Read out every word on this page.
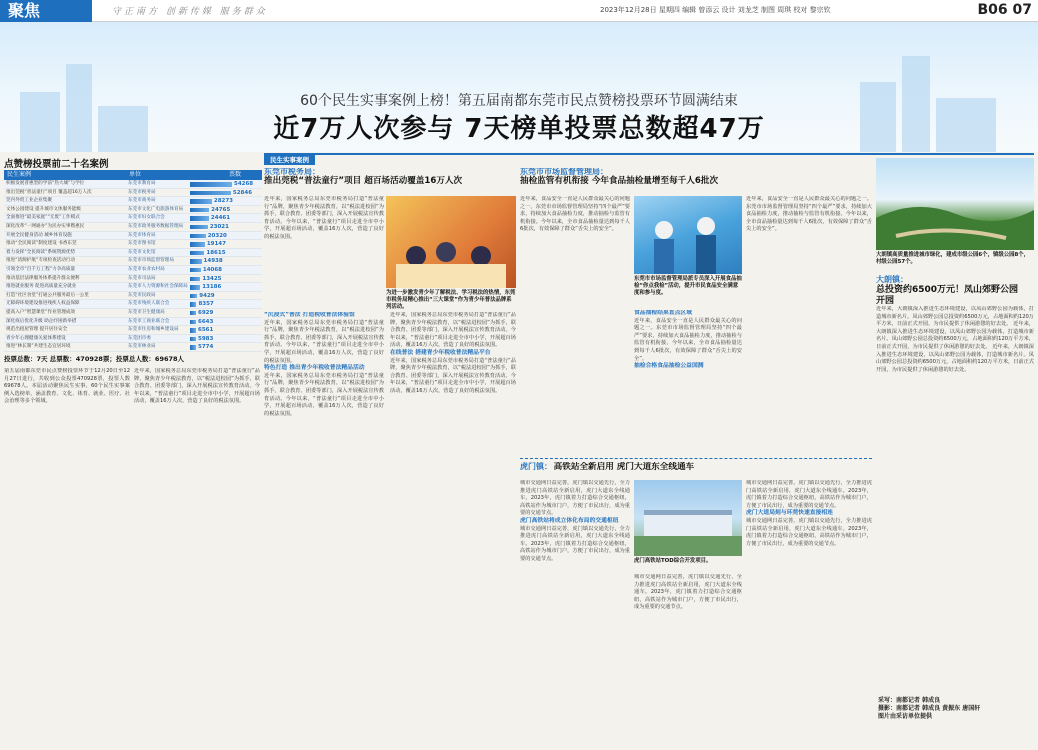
聚焦	守正南方 创新传媒 服务群众	2023年12月28日 星期四 编辑 曾添云 设计 刘龙芝 制图 周琪 校对 黎宗钦	B06 07
60个民生实事案例上榜！第五届南都东莞市民点赞榜投票环节圆满结束
近7万人次参与 7天榜单投票总数超47万
点赞榜投票前二十名案例
民生案例	单位	票数
积极发展普惠型的学前“热大城”与学位	东莞市教育局	54268
推出莞税“普法童行”项目 覆盖超16万人次	东莞市税务局	52846
莞内外贸工业企业集聚	东莞市商务局	28273
文体公园建设 提升城市文体服务能级	东莞市文化广电旅游体育局	24765
全面推进“最美家庭”“无废”工作模式	东莞市妇女联合会	24461
深化改革“一网通办”为民办实事暨惠民	东莞市政务服务数据管理局	23021
开展全民健身活动 城乡体育设施	东莞市体育局	20320
推动“全民阅读”制度建设 书香东莞	东莞市图书馆	19147
着力发挥“全民阅读”系统资源优势	东莞市文化馆	18615
推进“清源护航”专项检查活动行动	东莞市市场监督管理局	14938
引领全市“百千万工程”力争高质量	东莞市农业农村局	14068
推动基层法律服务体系提升群众便利	东莞市司法局	13425
推进就业服务 促进高质量充分就业	东莞市人力资源和社会保障局	13186
打造“社区食堂”打通公共服务最后一公里	东莞市民政局	9429
无障碍环境建设推进残疾人权益保障	东莞市残疾人联合会	8357
提高入户“智慧课堂”作业管理成效	东莞市卫生健康局	6929
深化疫后优化升级 助企纾困新举措	东莞市工商业联合会	6643
规范出租屋管理 提升居住安全	东莞市住房和城乡建设局	6561
青少年心理健康关爱体系建设	东莞团市委	5983
推进“林长制”共建生态宜居环境	东莞市林业局	5774
投票总数：7天 总票数：470928票；投票总人数：69678人
第五届南都东莞市民点赞榜投票环节于12月20日至12月27日进行，共收到公众投票470928票，投票人数69678人。本届活动聚焦民生实事，60个民生实事案例入选榜单，涵盖教育、文化、体育、就业、医疗、社会治理等多个领域。
近年来，国家税务总局东莞市税务局打造“普法童行”品牌，聚焦青少年税法教育，以“税法进校园”为抓手，联合教育、团委等部门，深入开展税法宣传教育活动。今年以来，“普法童行”项目走进全市中小学，开展超百场活动，覆盖16万人次，营造了良好的税法氛围。
民生实事案例
东莞市税务局：
推出莞税“普法童行”项目 超百场活动覆盖16万人次
近年来，国家税务总局东莞市税务局打造“普法童行”品牌，聚焦青少年税法教育，以“税法进校园”为抓手，联合教育、团委等部门，深入开展税法宣传教育活动。今年以来，“普法童行”项目走进全市中小学，开展超百场活动，覆盖16万人次，营造了良好的税法氛围。
为进一步激发青少年了解税法、学习税法的热情，东莞市税务局精心推出“三大课堂”作为青少年普法品牌系列活动。
“沉浸式”普法 打造税收普法体验馆
近年来，国家税务总局东莞市税务局打造“普法童行”品牌，聚焦青少年税法教育，以“税法进校园”为抓手，联合教育、团委等部门，深入开展税法宣传教育活动。今年以来，“普法童行”项目走进全市中小学，开展超百场活动，覆盖16万人次，营造了良好的税法氛围。
特色打造 推出青少年税收普法精品活动
近年来，国家税务总局东莞市税务局打造“普法童行”品牌，聚焦青少年税法教育，以“税法进校园”为抓手，联合教育、团委等部门，深入开展税法宣传教育活动。今年以来，“普法童行”项目走进全市中小学，开展超百场活动，覆盖16万人次，营造了良好的税法氛围。
近年来，国家税务总局东莞市税务局打造“普法童行”品牌，聚焦青少年税法教育，以“税法进校园”为抓手，联合教育、团委等部门，深入开展税法宣传教育活动。今年以来，“普法童行”项目走进全市中小学，开展超百场活动，覆盖16万人次，营造了良好的税法氛围。
在线普法 搭建青少年税收普法精品平台
近年来，国家税务总局东莞市税务局打造“普法童行”品牌，聚焦青少年税法教育，以“税法进校园”为抓手，联合教育、团委等部门，深入开展税法宣传教育活动。今年以来，“普法童行”项目走进全市中小学，开展超百场活动，覆盖16万人次，营造了良好的税法氛围。
东莞市市场监督管理局：
抽检监管有机衔接 今年食品抽检量增至每千人6批次
近年来，食品安全一直是人民群众最关心的问题之一。东莞市市场监督管理局坚持“四个最严”要求，持续加大食品抽检力度，推动抽检与监管有机衔接。今年以来，全市食品抽检量达到每千人6批次，有效保障了群众“舌尖上的安全”。
东莞市市场监督管理局派专员深入开展食品抽检“你点我检”活动，提升市民食品安全满意度和参与度。
近年来，食品安全一直是人民群众最关心的问题之一。东莞市市场监督管理局坚持“四个最严”要求，持续加大食品抽检力度，推动抽检与监管有机衔接。今年以来，全市食品抽检量达到每千人6批次，有效保障了群众“舌尖上的安全”。
食品抽检结果直点区域
近年来，食品安全一直是人民群众最关心的问题之一。东莞市市场监督管理局坚持“四个最严”要求，持续加大食品抽检力度，推动抽检与监管有机衔接。今年以来，全市食品抽检量达到每千人6批次，有效保障了群众“舌尖上的安全”。
抽检合格食品抽检公益国测
虎门镇： 高铁站全新启用 虎门大道东全线通车
城市交通网日益完善，虎门镇以交通先行，全力推进虎门高铁站全新启用，虎门大道东全线通车。2023年，虎门镇着力打造综合交通枢纽，高铁站作为城市门户，方便了市民出行，成为重要的交通节点。
虎门高铁站将成立体化布局的交通枢纽
城市交通网日益完善，虎门镇以交通先行，全力推进虎门高铁站全新启用，虎门大道东全线通车。2023年，虎门镇着力打造综合交通枢纽，高铁站作为城市门户，方便了市民出行，成为重要的交通节点。	虎门高铁站TOD综合开发项目。
城市交通网日益完善，虎门镇以交通先行，全力推进虎门高铁站全新启用，虎门大道东全线通车。2023年，虎门镇着力打造综合交通枢纽，高铁站作为城市门户，方便了市民出行，成为重要的交通节点。
城市交通网日益完善，虎门镇以交通先行，全力推进虎门高铁站全新启用，虎门大道东全线通车。2023年，虎门镇着力打造综合交通枢纽，高铁站作为城市门户，方便了市民出行，成为重要的交通节点。
虎门大道局刻与环莞快速直接相连
城市交通网日益完善，虎门镇以交通先行，全力推进虎门高铁站全新启用，虎门大道东全线通车。2023年，虎门镇着力打造综合交通枢纽，高铁站作为城市门户，方便了市民出行，成为重要的交通节点。
大朗镇高质量推进城市绿化，建成市级公园6个，镇级公园8个，村级公园57个。
大朗镇：
总投资约6500万元！凤山郊野公园开园
近年来，大朗镇深入推进生态环境建设，以凤山郊野公园为载体，打造城市新名片。凤山郊野公园总投资约6500万元，占地面积约120万平方米，日前正式开园，为市民提供了休闲游憩的好去处。 近年来，大朗镇深入推进生态环境建设，以凤山郊野公园为载体，打造城市新名片。凤山郊野公园总投资约6500万元，占地面积约120万平方米，日前正式开园，为市民提供了休闲游憩的好去处。 近年来，大朗镇深入推进生态环境建设，以凤山郊野公园为载体，打造城市新名片。凤山郊野公园总投资约6500万元，占地面积约120万平方米，日前正式开园，为市民提供了休闲游憩的好去处。
采写：南都记者 韩成良
摄影：南都记者 韩成良 黄振东 唐国轩
图片由采访单位提供
